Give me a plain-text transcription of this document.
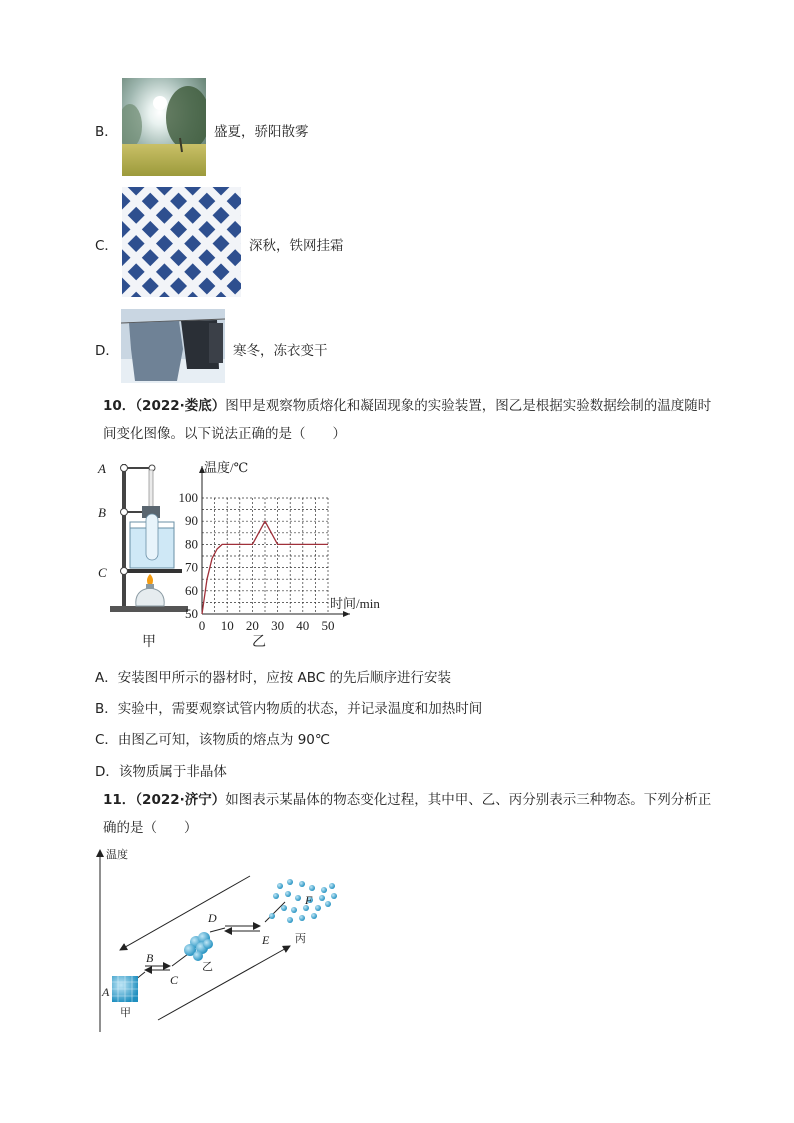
B．	盛夏，骄阳散雾
C．	深秋，铁网挂霜
D．	寒冬，冻衣变干
10．（2022·娄底）图甲是观察物质熔化和凝固现象的实验装置，图乙是根据实验数据绘制的温度随时
间变化图像。以下说法正确的是（　　）
A
B
C
甲
0 10 20 30 40 50
50
60
70
80
90
100
温度/℃
时间/min
乙
A．安装图甲所示的器材时，应按 ABC 的先后顺序进行安装
B．实验中，需要观察试管内物质的状态，并记录温度和加热时间
C．由图乙可知，该物质的熔点为 90℃
D．该物质属于非晶体
11．（2022·济宁）如图表示某晶体的物态变化过程，其中甲、乙、丙分别表示三种物态。下列分析正
确的是（　　）
温度
A
B
C
D
E
F
甲
乙
丙
